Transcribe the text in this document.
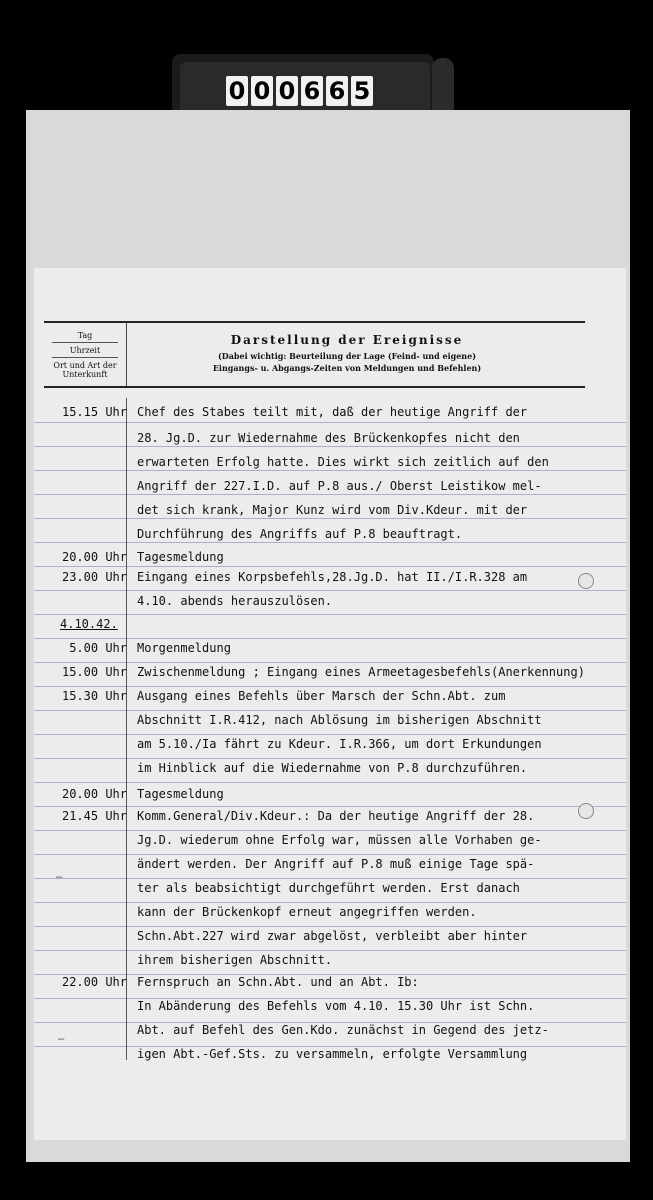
0 0 0 6 6 5
Tag
Uhrzeit
Ort und Art der
Unterkunft
Darstellung der Ereignisse
(Dabei wichtig: Beurteilung der Lage (Feind- und eigene)
Eingangs- u. Abgangs-Zeiten von Meldungen und Befehlen)
▔
▔
15.15 Uhr Chef des Stabes teilt mit, daß der heutige Angriff der
28. Jg.D. zur Wiedernahme des Brückenkopfes nicht den
erwarteten Erfolg hatte. Dies wirkt sich zeitlich auf den
Angriff der 227.I.D. auf P.8 aus./ Oberst Leistikow mel-
det sich krank, Major Kunz wird vom Div.Kdeur. mit der
Durchführung des Angriffs auf P.8 beauftragt.
20.00 Uhr Tagesmeldung
23.00 Uhr Eingang eines Korpsbefehls,28.Jg.D. hat II./I.R.328 am
4.10. abends herauszulösen.
4.10.42.
5.00 Uhr Morgenmeldung
15.00 Uhr Zwischenmeldung ; Eingang eines Armeetagesbefehls(Anerkennung)
15.30 Uhr Ausgang eines Befehls über Marsch der Schn.Abt. zum
Abschnitt I.R.412, nach Ablösung im bisherigen Abschnitt
am 5.10./Ia fährt zu Kdeur. I.R.366, um dort Erkundungen
im Hinblick auf die Wiedernahme von P.8 durchzuführen.
20.00 Uhr Tagesmeldung
21.45 Uhr Komm.General/Div.Kdeur.: Da der heutige Angriff der 28.
Jg.D. wiederum ohne Erfolg war, müssen alle Vorhaben ge-
ändert werden. Der Angriff auf P.8 muß einige Tage spä-
ter als beabsichtigt durchgeführt werden. Erst danach
kann der Brückenkopf erneut angegriffen werden.
Schn.Abt.227 wird zwar abgelöst, verbleibt aber hinter
ihrem bisherigen Abschnitt.
22.00 Uhr Fernspruch an Schn.Abt. und an Abt. Ib:
In Abänderung des Befehls vom 4.10. 15.30 Uhr ist Schn.
Abt. auf Befehl des Gen.Kdo. zunächst in Gegend des jetz-
igen Abt.-Gef.Sts. zu versammeln, erfolgte Versammlung
